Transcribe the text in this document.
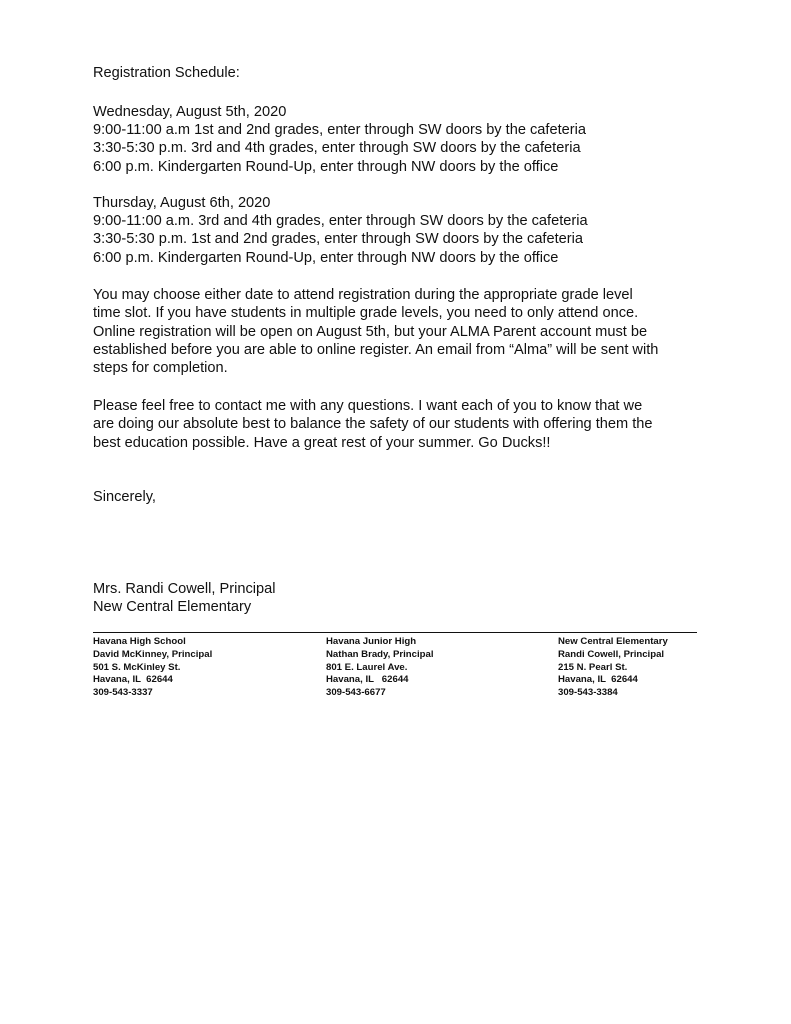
Registration Schedule:
Wednesday, August 5th, 2020
9:00-11:00 a.m 1st and 2nd grades, enter through SW doors by the cafeteria
3:30-5:30 p.m. 3rd and 4th grades, enter through SW doors by the cafeteria
6:00 p.m. Kindergarten Round-Up, enter through NW doors by the office
Thursday, August 6th, 2020
9:00-11:00 a.m. 3rd and 4th grades, enter through SW doors by the cafeteria
3:30-5:30 p.m. 1st and 2nd grades, enter through SW doors by the cafeteria
6:00 p.m. Kindergarten Round-Up, enter through NW doors by the office
You may choose either date to attend registration during the appropriate grade level
time slot. If you have students in multiple grade levels, you need to only attend once.
Online registration will be open on August 5th, but your ALMA Parent account must be
established before you are able to online register. An email from “Alma” will be sent with
steps for completion.
Please feel free to contact me with any questions. I want each of you to know that we
are doing our absolute best to balance the safety of our students with offering them the
best education possible. Have a great rest of your summer. Go Ducks!!
Sincerely,
Mrs. Randi Cowell, Principal
New Central Elementary
Havana High School
David McKinney, Principal
501 S. McKinley St.
Havana, IL  62644
309-543-3337
Havana Junior High
Nathan Brady, Principal
801 E. Laurel Ave.
Havana, IL   62644
309-543-6677
New Central Elementary
Randi Cowell, Principal
215 N. Pearl St.
Havana, IL  62644
309-543-3384
